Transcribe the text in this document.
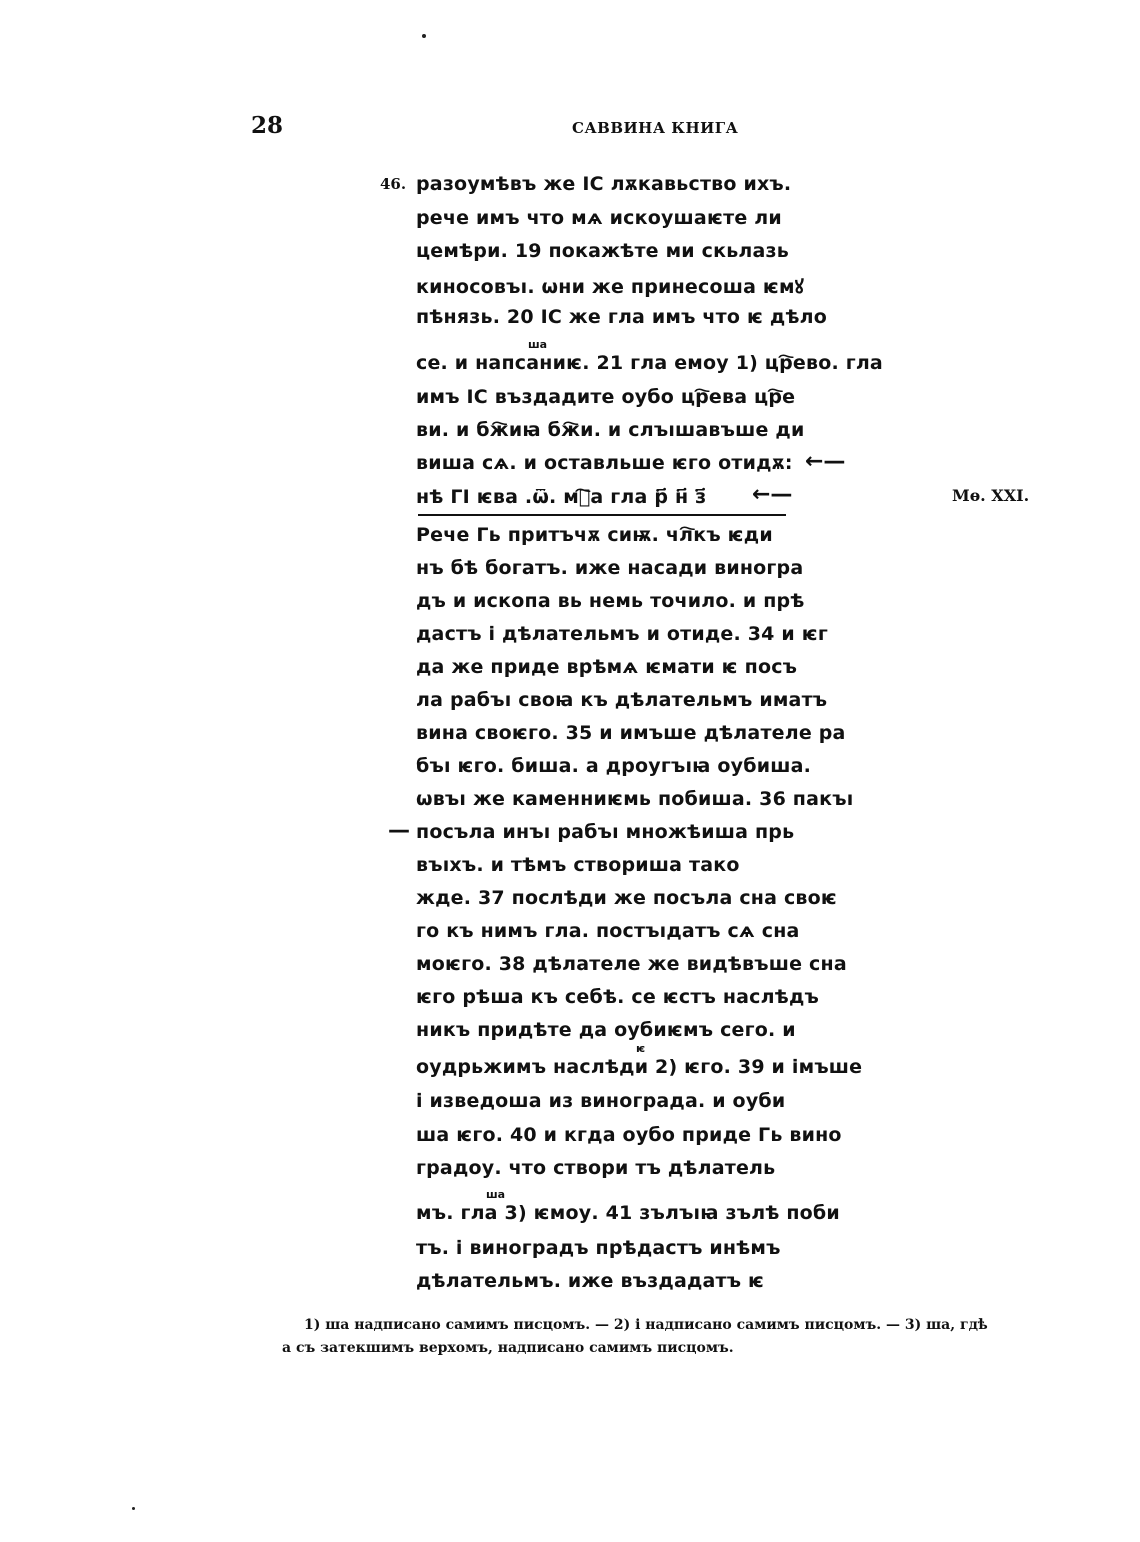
28	САВВИНА КНИГА
46.
Мѳ. XXI.
разоумѣвъ же ІС лѫкавьство ихъ.
рече имъ что мѧ искоушаѥте ли
цемѣри. 19 покажѣте ми скьлазь
киносовъı. ѡни же принесоша ѥмꙋ
пѣнязь. 20 ІС же гла имъ что ѥ дѣло
ша
се. и напсаниѥ. 21 гла емоу 1) цр҇ево. гла
имъ ІС въздадите оубо цр҇ева цр҇е
ви. и бж҇иꙗ бж҇и. и слъıшавъше ди
виша сѧ. и оставльше ѥго отидѫ: ←—
нѣ ГІ ѥва .ѿ. мⷭ҇а гла р҃ н҃ з҃	←—
Рече Гь притъчѫ сиѭ. чл҇къ ѥди
нъ бѣ богатъ. иже насади виногра
дъ и ископа вь немь точило. и прѣ
дастъ і дѣлательмъ и отиде. 34 и ѥг
да же приде врѣмѧ ѥмати ѥ посъ
ла рабъı своꙗ къ дѣлательмъ иматъ
вина своѥго. 35 и имъше дѣлателе ра
бъı ѥго. биша. а дроугъıꙗ оубиша.
ѡвъı же каменниѥмь побиша. 36 пакъı
— посъла инъı рабъı множѣиша прь
въıхъ. и тѣмъ створиша тако
жде. 37 послѣди же посъла сна своѥ
го къ нимъ гла. постъıдатъ сѧ сна
моѥго. 38 дѣлателе же видѣвъше сна
ѥго рѣша къ себѣ. се ѥстъ наслѣдъ
никъ придѣте да оубиѥмъ сего. и
ѥ
оудрьжимъ наслѣди 2) ѥго. 39 и імъше
і изведоша из винограда. и оуби
ша ѥго. 40 и кгда оубо приде Гь вино
градоу. что створи тъ дѣлатель
ша
мъ. гла 3) ѥмоу. 41 зълъıꙗ зълѣ поби
тъ. і виноградъ прѣдастъ инѣмъ
дѣлательмъ. иже въздадатъ ѥ
1) ша надписано самимъ писцомъ. — 2) і надписано самимъ писцомъ. — 3) ша, гдѣ
а съ затекшимъ верхомъ, надписано самимъ писцомъ.
